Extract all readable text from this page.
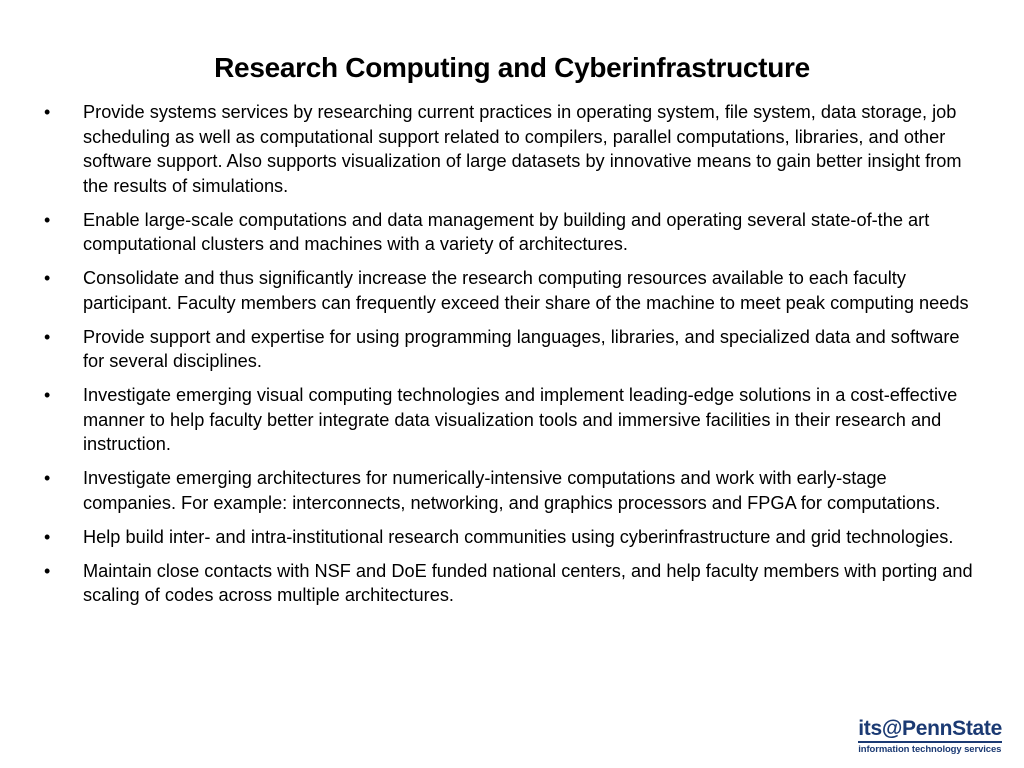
Research Computing and Cyberinfrastructure
• Provide systems services by researching current practices in operating system, file system, data storage, job scheduling as well as computational support related to compilers, parallel computations, libraries, and other software support. Also supports visualization of large datasets by innovative means to gain better insight from the results of simulations.
• Enable large-scale computations and data management by building and operating several state-of-the art computational clusters and machines with a variety of architectures.
• Consolidate and thus significantly increase the research computing resources available to each faculty participant. Faculty members can frequently exceed their share of the machine to meet peak computing needs
• Provide support and expertise for using programming languages, libraries, and specialized data and software for several disciplines.
• Investigate emerging visual computing technologies and implement leading-edge solutions in a cost-effective manner to help faculty better integrate data visualization tools and immersive facilities in their research and instruction.
• Investigate emerging architectures for numerically-intensive computations and work with early-stage companies. For example: interconnects, networking, and graphics processors and FPGA for computations.
• Help build inter- and intra-institutional research communities using cyberinfrastructure and grid technologies.
• Maintain close contacts with NSF and DoE funded national centers, and help faculty members with porting and scaling of codes across multiple architectures.
its@PennState
information technology services
